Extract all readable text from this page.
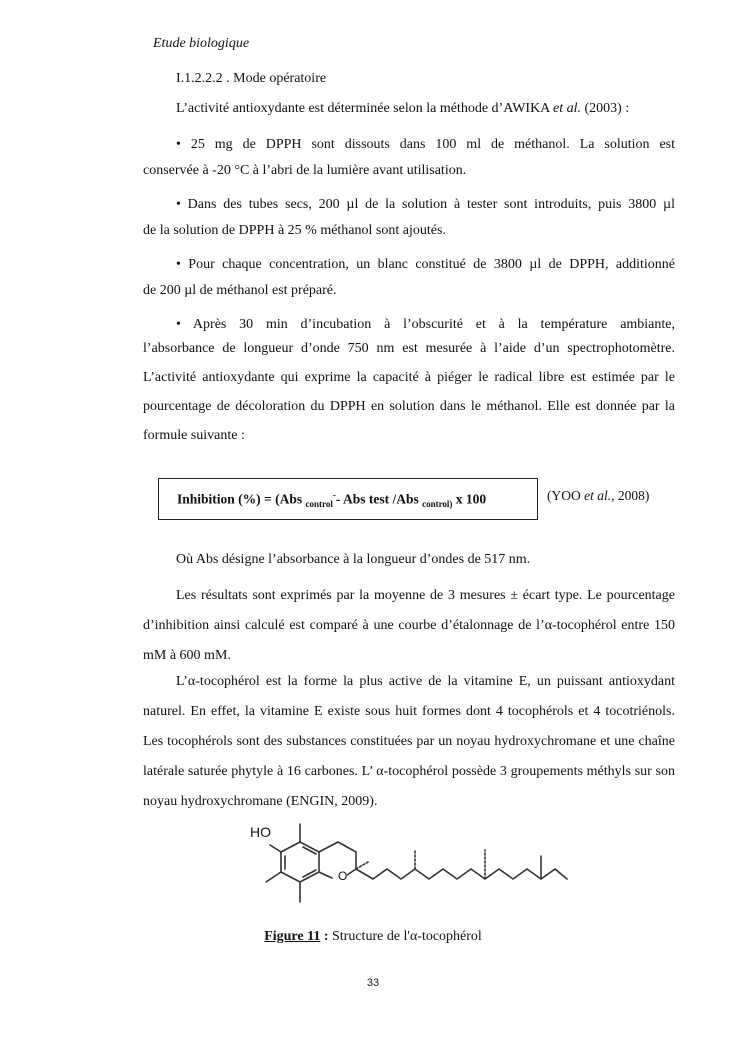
Etude biologique
I.1.2.2.2 . Mode opératoire
L’activité antioxydante est déterminée selon la méthode d’AWIKA et al. (2003) :
• 25 mg de DPPH sont dissouts dans 100 ml de méthanol. La solution est
conservée à -20 °C à l’abri de la lumière avant utilisation.
• Dans des tubes secs, 200 µl de la solution à tester sont introduits, puis 3800 µl
de la solution de DPPH à 25 % méthanol sont ajoutés.
• Pour chaque concentration, un blanc constitué de 3800 µl de DPPH, additionné
de 200 µl de méthanol est préparé.
• Après 30 min d’incubation à l’obscurité et à la température ambiante,
l’absorbance de longueur d’onde 750 nm est mesurée à l’aide d’un spectrophotomètre. L’activité antioxydante qui exprime la capacité à piéger le radical libre est estimée par le pourcentage de décoloration du DPPH en solution dans le méthanol. Elle est donnée par la formule suivante :
Inhibition (%) = (Abs $_{control}$-- Abs test /Abs $_{control)}$ x 100	(YOO et al., 2008)
Où Abs désigne l’absorbance à la longueur d’ondes de 517 nm.
Les résultats sont exprimés par la moyenne de 3 mesures ± écart type. Le pourcentage d’inhibition ainsi calculé est comparé à une courbe d’étalonnage de l’α-tocophérol entre 150 mM à 600 mM.
L’α-tocophérol est la forme la plus active de la vitamine E, un puissant antioxydant naturel. En effet, la vitamine E existe sous huit formes dont 4 tocophérols et 4 tocotriénols. Les tocophérols sont des substances constituées par un noyau hydroxychromane et une chaîne latérale saturée phytyle à 16 carbones. L’ α-tocophérol possède 3 groupements méthyls sur son noyau hydroxychromane (ENGIN, 2009).
HO
O
Figure 11 : Structure de l'α-tocophérol
33
